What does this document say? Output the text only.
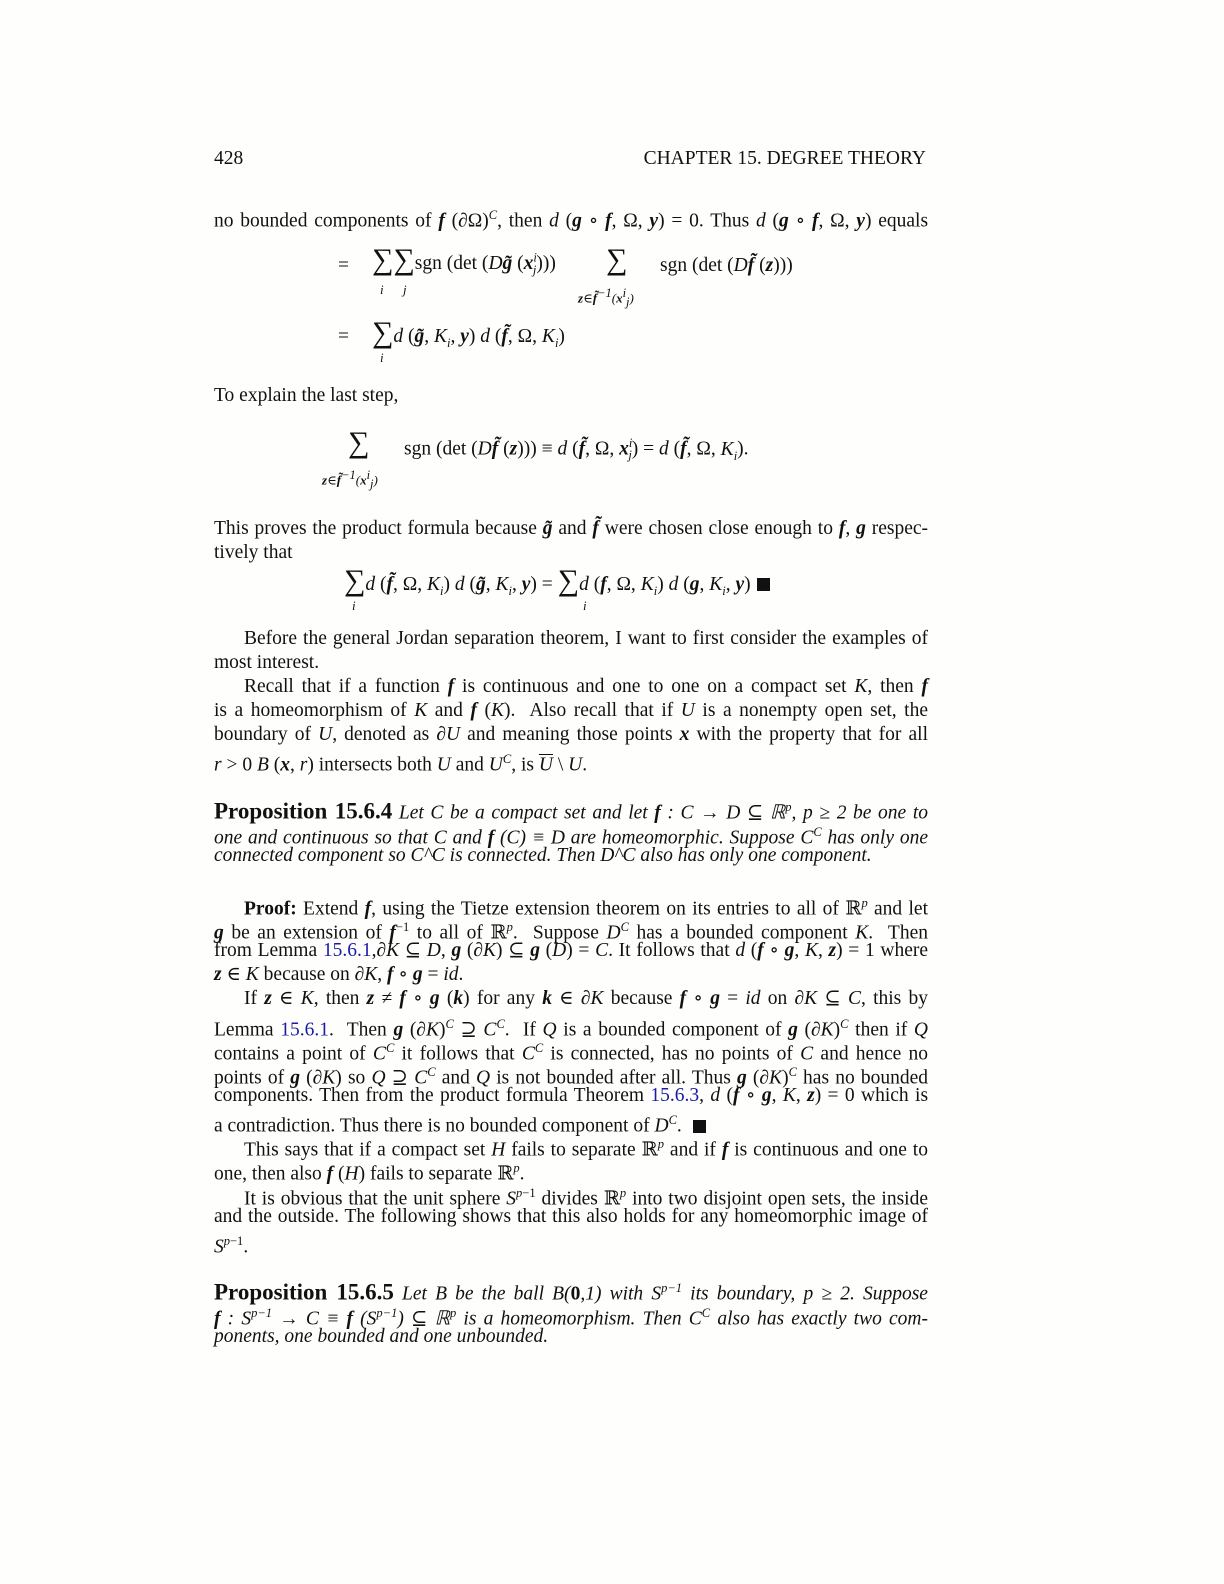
428	CHAPTER 15. DEGREE THEORY
no bounded components of f $(\partial\Omega)^C$, then d (g ∘ f, Ω, y) = 0. Thus d (g ∘ f, Ω, y) equals
= ∑∑sgn (det (Dg̃ $(x^i_j)$))
i j
∑
$z\in f̃^{-1}(x^i_j)$
sgn (det (Df̃ (z)))
= ∑d (g̃, $K_i$, y) d (f̃, Ω, $K_i$)
i
To explain the last step,
∑
$z\in f̃^{-1}(x^i_j)$
sgn (det (Df̃ (z))) ≡ d (f̃, Ω, $x^i_j) = d$ (f̃, Ω, $K_i$).
This proves the product formula because g̃ and f̃ were chosen close enough to f, g respec-
tively that
∑d (f̃, Ω, $K_i$) d (g̃, $K_i$, y) = ∑d (f, Ω, $K_i$) d (g, $K_i$, y)
i	i
Before the general Jordan separation theorem, I want to first consider the examples of
most interest.
Recall that if a function f is continuous and one to one on a compact set K, then f
is a homeomorphism of K and f (K).  Also recall that if U is a nonempty open set, the
boundary of U, denoted as ∂U and meaning those points x with the property that for all
r > 0 B (x, r) intersects both U and $U^C$, is $\overline{U}$ \ U.
Proposition 15.6.4 Let C be a compact set and let f : C → D ⊆ ℝ$^p$, p ≥ 2 be one to
one and continuous so that C and f (C) ≡ D are homeomorphic. Suppose $C^C$ has only one
connected component so C^C is connected. Then D^C also has only one component.
Proof: Extend f, using the Tietze extension theorem on its entries to all of ℝ$^p$ and let
g be an extension of $f^{-1}$ to all of ℝ$^p$.  Suppose $D^C$ has a bounded component K.  Then
from Lemma 15.6.1,∂K ⊆ D, g (∂K) ⊆ g (D) = C. It follows that d (f ∘ g, K, z) = 1 where
z ∈ K because on ∂K, f ∘ g = id.
If z ∈ K, then z ≠ f ∘ g (k) for any k ∈ ∂K because f ∘ g = id on ∂K ⊆ C, this by
Lemma 15.6.1.  Then g $(\partial K)^C$ ⊇ $C^C$.  If Q is a bounded component of g $(\partial K)^C$ then if Q
contains a point of $C^C$ it follows that $C^C$ is connected, has no points of C and hence no
points of g (∂K) so Q ⊇ $C^C$ and Q is not bounded after all. Thus g $(\partial K)^C$ has no bounded
components. Then from the product formula Theorem 15.6.3, d (f ∘ g, K, z) = 0 which is
a contradiction. Thus there is no bounded component of $D^C$.
This says that if a compact set H fails to separate ℝ$^p$ and if f is continuous and one to
one, then also f (H) fails to separate ℝ$^p$.
It is obvious that the unit sphere $S^{p-1}$ divides ℝ$^p$ into two disjoint open sets, the inside
and the outside. The following shows that this also holds for any homeomorphic image of
$S^{p-1}$.
Proposition 15.6.5 Let B be the ball B(0,1) with $S^{p-1}$ its boundary, p ≥ 2. Suppose
f : $S^{p-1} \to C \equiv f$ $(S^{p-1})$ ⊆ ℝ$^p$ is a homeomorphism. Then $C^C$ also has exactly two com-
ponents, one bounded and one unbounded.
